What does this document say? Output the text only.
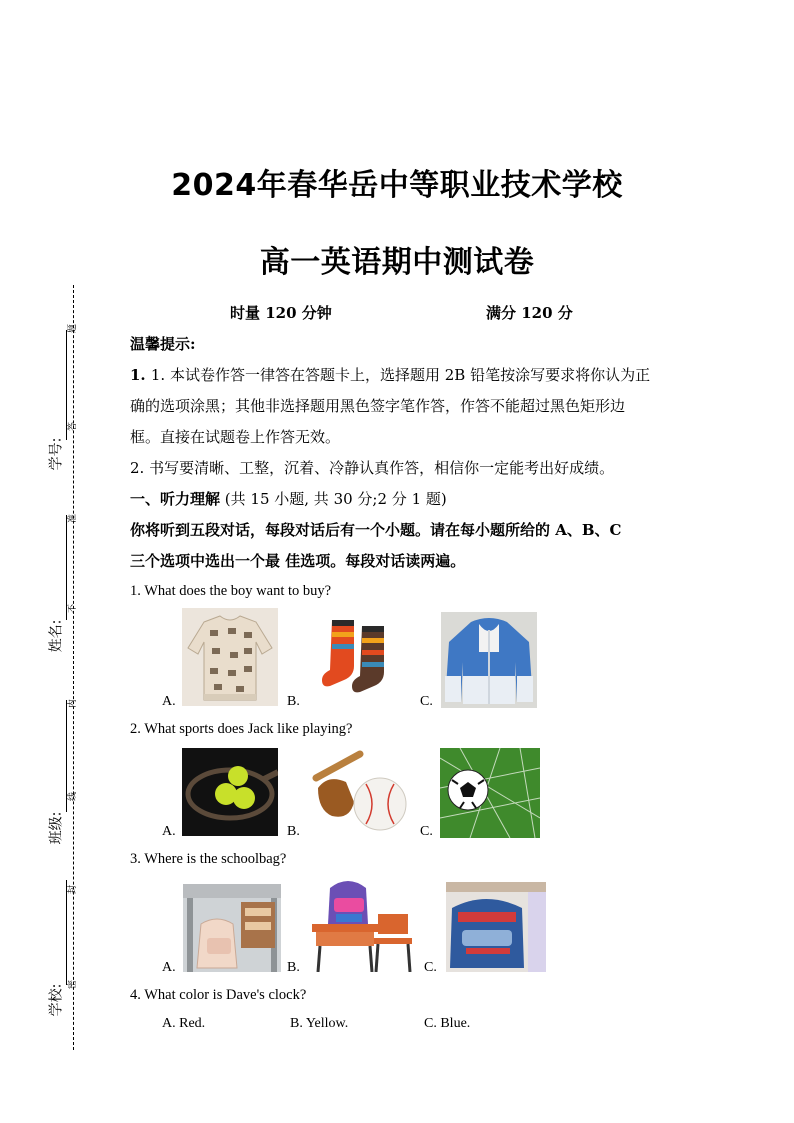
题
答
准
不
内
线
封
密
学号:
姓名:
班级:
学校:
2024年春华岳中等职业技术学校
高一英语期中测试卷
时量 120 分钟	满分 120 分
温馨提示:
1. 1. 本试卷作答一律答在答题卡上，选择题用 2B 铅笔按涂写要求将你认为正
确的选项涂黑；其他非选择题用黑色签字笔作答，作答不能超过黑色矩形边
框。直接在试题卷上作答无效。
2. 书写要清晰、工整，沉着、冷静认真作答，相信你一定能考出好成绩。
一、听力理解 (共 15 小题, 共 30 分;2 分 1 题)
你将听到五段对话，每段对话后有一个小题。请在每小题所给的 A、B、C
三个选项中选出一个最 佳选项。每段对话读两遍。
1. What does the boy want to buy?
A.	B.	C.
2. What sports does Jack like playing?
A.	B.	C.
3. Where is the schoolbag?
A.	B.	C.
4. What color is Dave's clock?
A. Red.	B. Yellow.	C. Blue.
